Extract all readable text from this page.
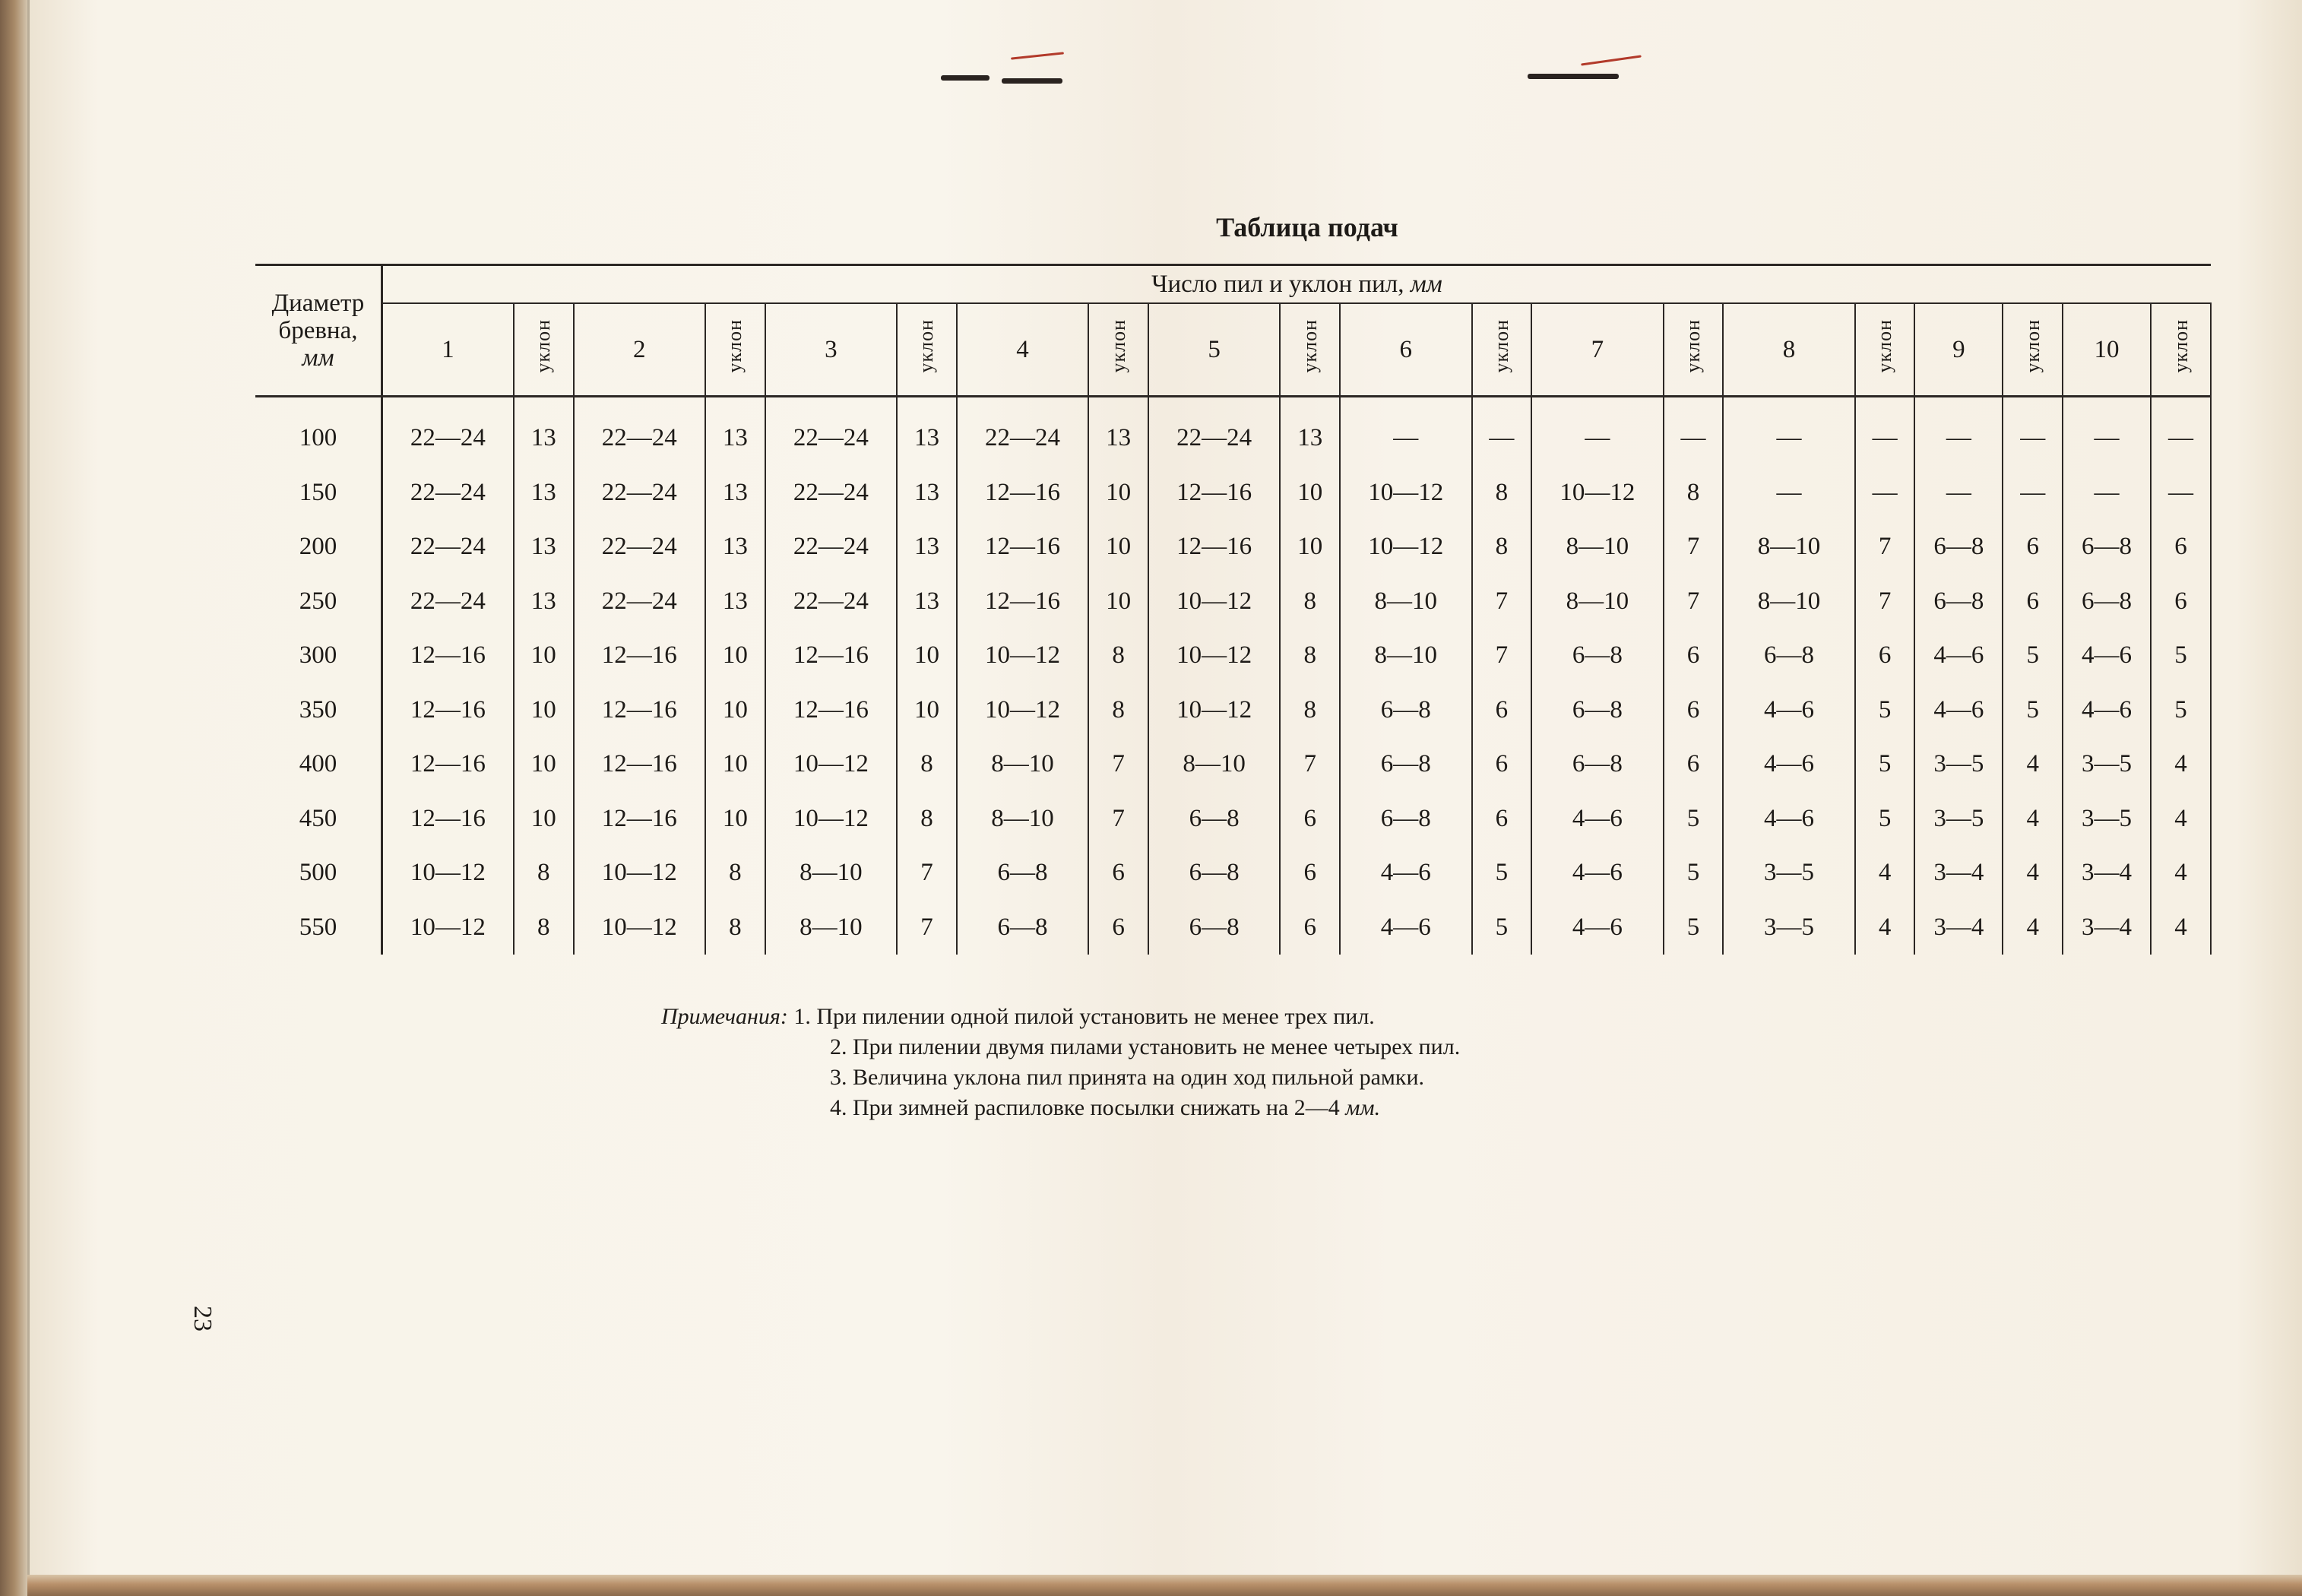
Таблица подач
Диаметр
бревна,
мм	Число пил и уклон пил, мм																			
	1	уклон	2	уклон	3	уклон	4	уклон	5	уклон	6	уклон	7	уклон	8	уклон	9	уклон	10	уклон
100	22—24	13	22—24	13	22—24	13	22—24	13	22—24	13	—	—	—	—	—	—	—	—	—	—
150	22—24	13	22—24	13	22—24	13	12—16	10	12—16	10	10—12	8	10—12	8	—	—	—	—	—	—
200	22—24	13	22—24	13	22—24	13	12—16	10	12—16	10	10—12	8	8—10	7	8—10	7	6—8	6	6—8	6
250	22—24	13	22—24	13	22—24	13	12—16	10	10—12	8	8—10	7	8—10	7	8—10	7	6—8	6	6—8	6
300	12—16	10	12—16	10	12—16	10	10—12	8	10—12	8	8—10	7	6—8	6	6—8	6	4—6	5	4—6	5
350	12—16	10	12—16	10	12—16	10	10—12	8	10—12	8	6—8	6	6—8	6	4—6	5	4—6	5	4—6	5
400	12—16	10	12—16	10	10—12	8	8—10	7	8—10	7	6—8	6	6—8	6	4—6	5	3—5	4	3—5	4
450	12—16	10	12—16	10	10—12	8	8—10	7	6—8	6	6—8	6	4—6	5	4—6	5	3—5	4	3—5	4
500	10—12	8	10—12	8	8—10	7	6—8	6	6—8	6	4—6	5	4—6	5	3—5	4	3—4	4	3—4	4
550	10—12	8	10—12	8	8—10	7	6—8	6	6—8	6	4—6	5	4—6	5	3—5	4	3—4	4	3—4	4
Примечания: 1. При пилении одной пилой установить не менее трех пил.
2. При пилении двумя пилами установить не менее четырех пил.
3. Величина уклона пил принята на один ход пильной рамки.
4. При зимней распиловке посылки снижать на 2—4 мм.
23
